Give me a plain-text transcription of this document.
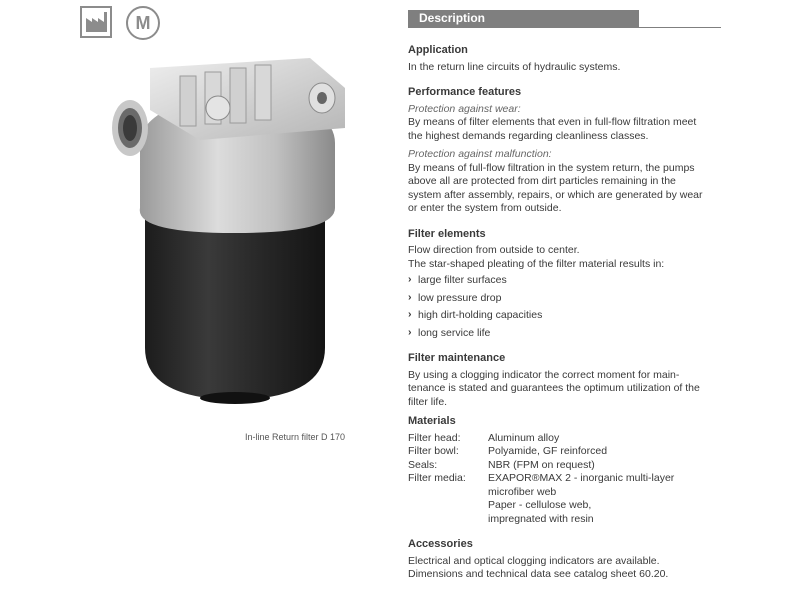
M
In-line Return filter D 170
Description
Application

In the return line circuits of hydraulic systems.

Performance features

Protection against wear:

By means of filter elements that even in full-flow filtration meet

the highest demands regarding cleanliness classes.

Protection against malfunction:

By means of full-flow filtration in the system return, the pumps

above all are protected from dirt particles remaining in the

system after assembly, repairs, or which are generated by wear

or enter the system from outside.

Filter elements

Flow direction from outside to center.

The star-shaped pleating of the filter material results in:

› large filter surfaces
› low pressure drop
› high dirt-holding capacities
› long service life
Filter maintenance

By using a clogging indicator the correct moment for main-

tenance is stated and guarantees the optimum utilization of the

filter life.

Materials
Filter head:	Aluminum alloy
Filter bowl:	Polyamide, GF reinforced
Seals:	NBR (FPM on request)
Filter media:	EXAPOR®MAX 2 - inorganic multi-layer
microfiber web
Paper - cellulose web,
impregnated with resin
Accessories

Electrical and optical clogging indicators are available.

Dimensions and technical data see catalog sheet 60.20.
